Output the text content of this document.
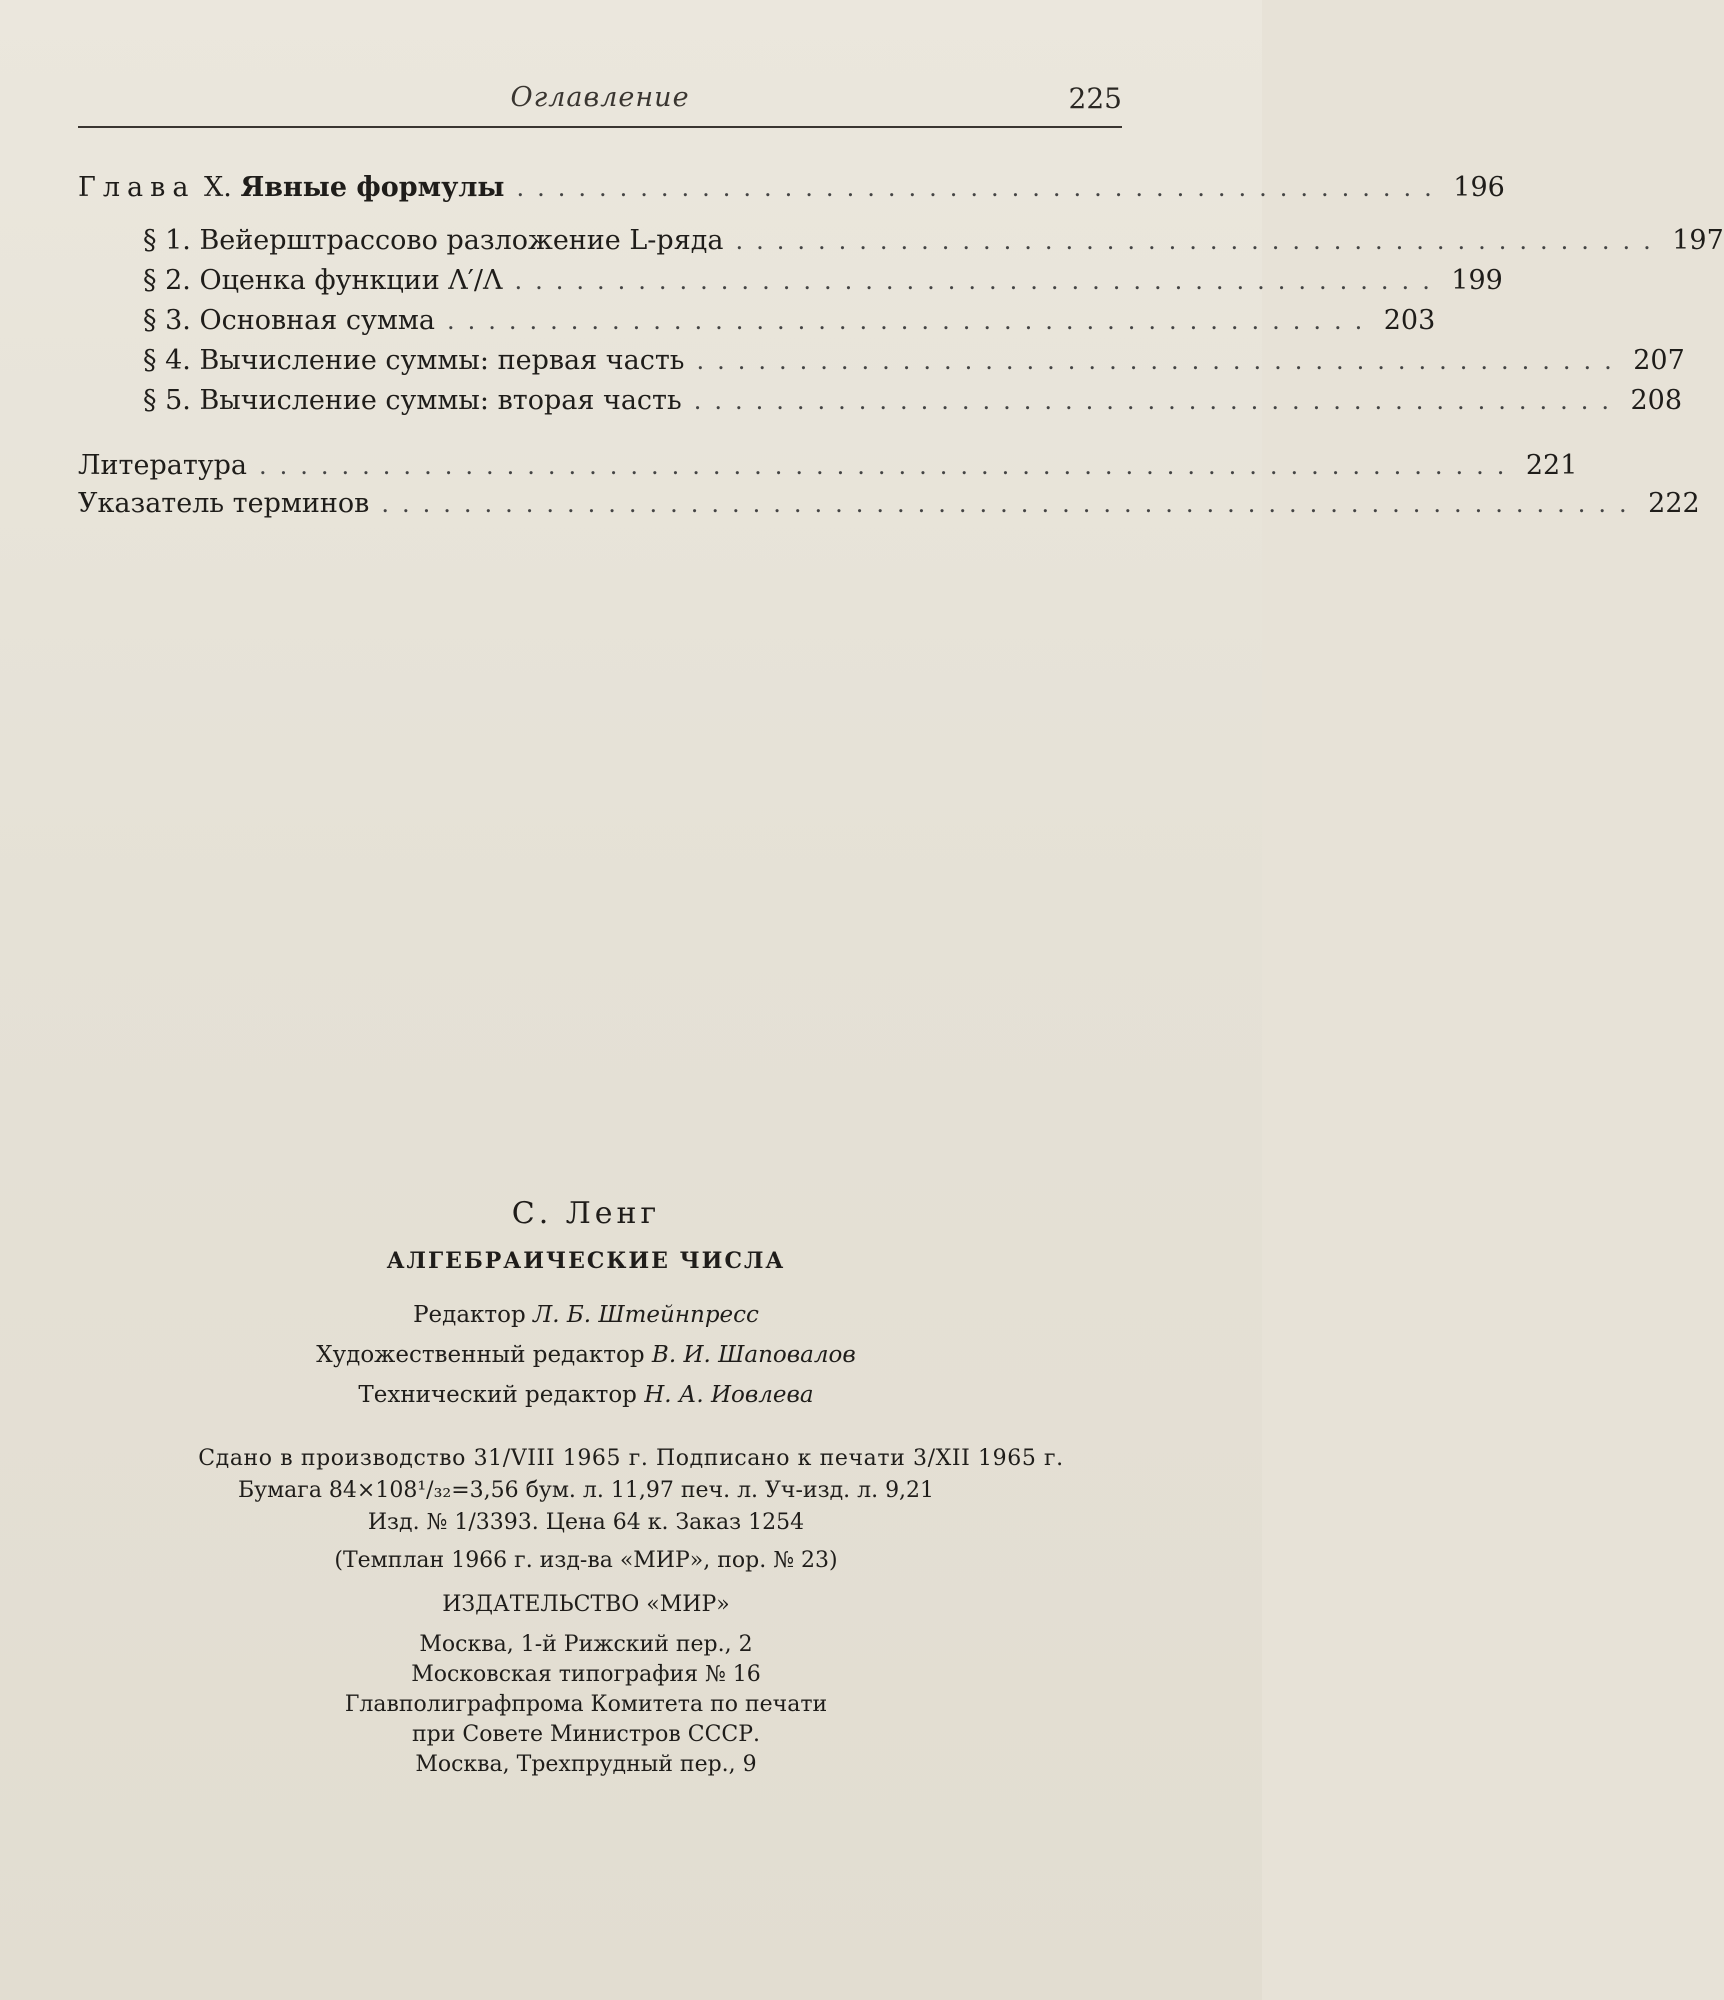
Оглавление	225
Глава X. Явные формулы ............................................. 196
§ 1. Вейерштрассово разложение L-ряда ............................................. 197
§ 2. Оценка функции Λ′/Λ ............................................. 199
§ 3. Основная сумма ............................................. 203
§ 4. Вычисление суммы: первая часть ............................................. 207
§ 5. Вычисление суммы: вторая часть ............................................. 208
Литература ............................................................. 221
Указатель терминов ............................................................. 222
С. Ленг
АЛГЕБРАИЧЕСКИЕ ЧИСЛА
Редактор Л. Б. Штейнпресс
Художественный редактор В. И. Шаповалов
Технический редактор Н. А. Иовлева
Сдано в производство 31/VIII 1965 г. Подписано к печати 3/XII 1965 г.
Бумага 84×108¹/₃₂=3,56 бум. л. 11,97 печ. л. Уч-изд. л. 9,21
Изд. № 1/3393. Цена 64 к. Заказ 1254
(Темплан 1966 г. изд-ва «МИР», пор. № 23)
ИЗДАТЕЛЬСТВО «МИР»
Москва, 1-й Рижский пер., 2
Московская типография № 16
Главполиграфпрома Комитета по печати
при Совете Министров СССР.
Москва, Трехпрудный пер., 9
